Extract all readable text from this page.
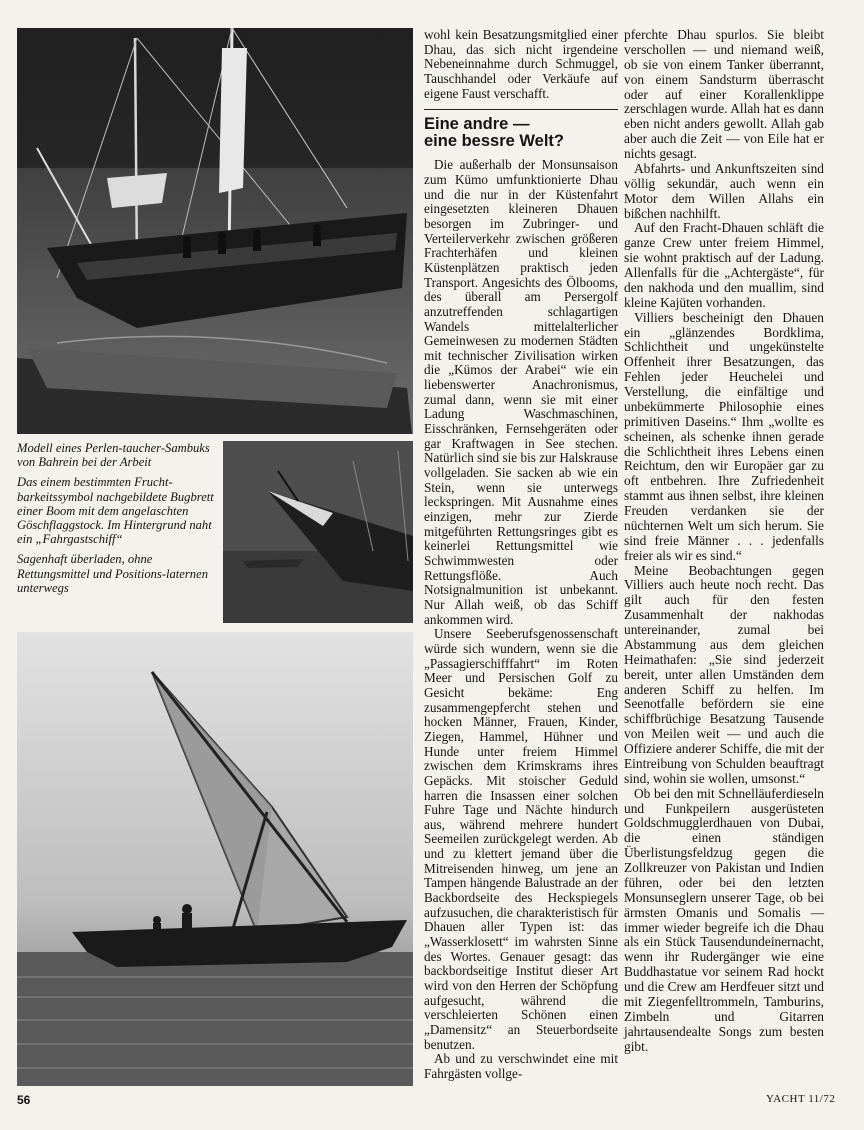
Modell eines Perlen-taucher-Sambuks von Bahrein bei der Arbeit

Das einem bestimmten Frucht-barkeitssymbol nachgebildete Bugbrett einer Boom mit dem angelaschten Göschflaggstock. Im Hintergrund naht ein „Fahrgastschiff“

Sagenhaft überladen, ohne Rettungsmittel und Positions-laternen unterwegs

wohl kein Besatzungsmitglied einer Dhau, das sich nicht irgendeine Nebeneinnahme durch Schmuggel, Tauschhandel oder Verkäufe auf eigene Faust verschafft.

Eine andre —
eine bessre Welt?

Die außerhalb der Monsunsaison zum Kümo umfunktionierte Dhau und die nur in der Küstenfahrt eingesetzten kleineren Dhauen besorgen im Zubringer- und Verteilerverkehr zwischen größeren Frachterhäfen und kleinen Küstenplätzen praktisch jeden Transport. Angesichts des Ölbooms, des überall am Persergolf anzutreffenden schlagartigen Wandels mittelalterlicher Gemeinwesen zu modernen Städten mit technischer Zivilisation wirken die „Kümos der Arabei“ wie ein liebenswerter Anachronismus, zumal dann, wenn sie mit einer Ladung Waschmaschinen, Eisschränken, Fernsehgeräten oder gar Kraftwagen in See stechen. Natürlich sind sie bis zur Halskrause vollgeladen. Sie sacken ab wie ein Stein, wenn sie unterwegs leckspringen. Mit Ausnahme eines einzigen, mehr zur Zierde mitgeführten Rettungsringes gibt es keinerlei Rettungsmittel wie Schwimmwesten oder Rettungsflöße. Auch Notsignalmunition ist unbekannt. Nur Allah weiß, ob das Schiff ankommen wird.

Unsere Seeberufsgenossenschaft würde sich wundern, wenn sie die „Passagierschifffahrt“ im Roten Meer und Persischen Golf zu Gesicht bekäme: Eng zusammengepfercht stehen und hocken Männer, Frauen, Kinder, Ziegen, Hammel, Hühner und Hunde unter freiem Himmel zwischen dem Krimskrams ihres Gepäcks. Mit stoischer Geduld harren die Insassen einer solchen Fuhre Tage und Nächte hindurch aus, während mehrere hundert Seemeilen zurückgelegt werden. Ab und zu klettert jemand über die Mitreisenden hinweg, um jene an Tampen hängende Balustrade an der Backbordseite des Heckspiegels aufzusuchen, die charakteristisch für Dhauen aller Typen ist: das „Wasserklosett“ im wahrsten Sinne des Wortes. Genauer gesagt: das backbordseitige Institut dieser Art wird von den Herren der Schöpfung aufgesucht, während die verschleierten Schönen einen „Damensitz“ an Steuerbordseite benutzen.

Ab und zu verschwindet eine mit Fahrgästen vollge-

pferchte Dhau spurlos. Sie bleibt verschollen — und niemand weiß, ob sie von einem Tanker überrannt, von einem Sandsturm überrascht oder auf einer Korallenklippe zerschlagen wurde. Allah hat es dann eben nicht anders gewollt. Allah gab aber auch die Zeit — von Eile hat er nichts gesagt.

Abfahrts- und Ankunftszeiten sind völlig sekundär, auch wenn ein Motor dem Willen Allahs ein bißchen nachhilft.

Auf den Fracht-Dhauen schläft die ganze Crew unter freiem Himmel, sie wohnt praktisch auf der Ladung. Allenfalls für die „Achtergäste“, für den nakhoda und den muallim, sind kleine Kajüten vorhanden.

Villiers bescheinigt den Dhauen ein „glänzendes Bordklima, Schlichtheit und ungekünstelte Offenheit ihrer Besatzungen, das Fehlen jeder Heuchelei und Verstellung, die einfältige und unbekümmerte Philosophie eines primitiven Daseins.“ Ihm „wollte es scheinen, als schenke ihnen gerade die Schlichtheit ihres Lebens einen Reichtum, den wir Europäer gar zu oft entbehren. Ihre Zufriedenheit stammt aus ihnen selbst, ihre kleinen Freuden verdanken sie der nüchternen Welt um sich herum. Sie sind freie Männer . . . jedenfalls freier als wir es sind.“

Meine Beobachtungen gegen Villiers auch heute noch recht. Das gilt auch für den festen Zusammenhalt der nakhodas untereinander, zumal bei Abstammung aus dem gleichen Heimathafen: „Sie sind jederzeit bereit, unter allen Umständen dem anderen Schiff zu helfen. Im Seenotfalle befördern sie eine schiffbrüchige Besatzung Tausende von Meilen weit — und auch die Offiziere anderer Schiffe, die mit der Eintreibung von Schulden beauftragt sind, wohin sie wollen, umsonst.“

Ob bei den mit Schnelläuferdieseln und Funkpeilern ausgerüsteten Goldschmugglerdhauen von Dubai, die einen ständigen Überlistungsfeldzug gegen die Zollkreuzer von Pakistan und Indien führen, oder bei den letzten Monsunseglern unserer Tage, ob bei ärmsten Omanis und Somalis — immer wieder begreife ich die Dhau als ein Stück Tausendundeinernacht, wenn ihr Rudergänger wie eine Buddhastatue vor seinem Rad hockt und die Crew am Herdfeuer sitzt und mit Ziegenfelltrommeln, Tamburins, Zimbeln und Gitarren jahrtausendealte Songs zum besten gibt.

56	YACHT 11/72
